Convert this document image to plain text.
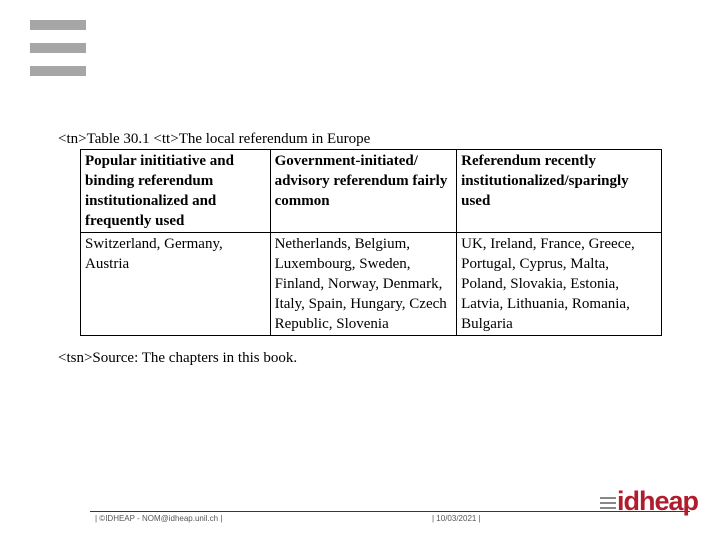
<tn>Table 30.1 <tt>The local referendum in Europe
Popular inititiative and binding referendum institutionalized and frequently used	Government-initiated/ advisory referendum fairly common	Referendum recently institutionalized/sparingly used
Switzerland, Germany, Austria	Netherlands, Belgium, Luxembourg, Sweden, Finland, Norway, Denmark, Italy, Spain, Hungary, Czech Republic, Slovenia	UK, Ireland, France, Greece, Portugal, Cyprus, Malta, Poland, Slovakia, Estonia, Latvia, Lithuania, Romania, Bulgaria
<tsn>Source: The chapters in this book.
| ©IDHEAP - NOM@idheap.unil.ch |	| 10/03/2021 |
idheap
